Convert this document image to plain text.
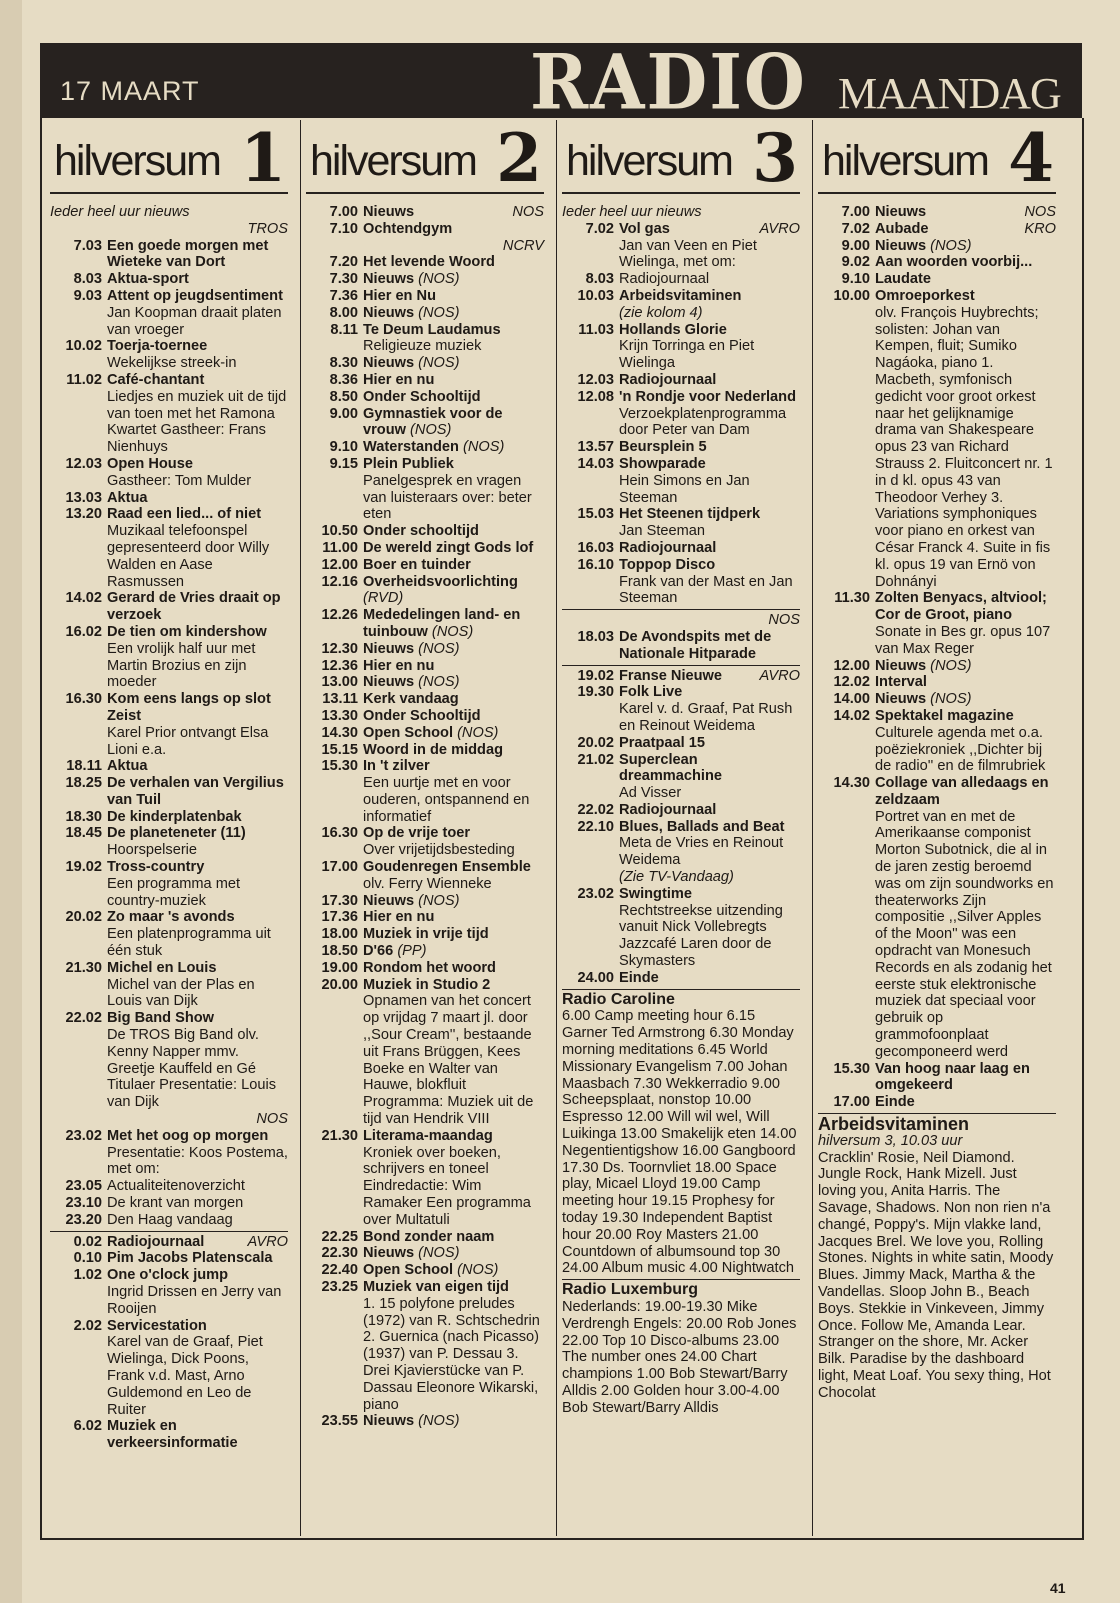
17 MAART	RADIO MAANDAG
hilversum 1
Ieder heel uur nieuws
TROS
7.03 Een goede morgen met Wieteke van Dort
8.03 Aktua-sport
9.03 Attent op jeugdsentiment
Jan Koopman draait platen van vroeger
10.02 Toerja-toernee
Wekelijkse streek-in
11.02 Café-chantant
Liedjes en muziek uit de tijd van toen met het Ramona Kwartet Gastheer: Frans Nienhuys
12.03 Open House
Gastheer: Tom Mulder
13.03 Aktua
13.20 Raad een lied... of niet
Muzikaal telefoonspel gepresenteerd door Willy Walden en Aase Rasmussen
14.02 Gerard de Vries draait op verzoek
16.02 De tien om kindershow
Een vrolijk half uur met Martin Brozius en zijn moeder
16.30 Kom eens langs op slot Zeist
Karel Prior ontvangt Elsa Lioni e.a.
18.11 Aktua
18.25 De verhalen van Vergilius van Tuil
18.30 De kinderplatenbak
18.45 De planeteneter (11)
Hoorspelserie
19.02 Tross-country
Een programma met country-muziek
20.02 Zo maar 's avonds
Een platenprogramma uit één stuk
21.30 Michel en Louis
Michel van der Plas en Louis van Dijk
22.02 Big Band Show
De TROS Big Band olv. Kenny Napper mmv. Greetje Kauffeld en Gé Titulaer Presentatie: Louis van Dijk
NOS
23.02 Met het oog op morgen
Presentatie: Koos Postema, met om:
23.05 Actualiteitenoverzicht
23.10 De krant van morgen
23.20 Den Haag vandaag
AVRO
0.02 Radiojournaal
0.10 Pim Jacobs Platenscala
1.02 One o'clock jump
Ingrid Drissen en Jerry van Rooijen
2.02 Servicestation
Karel van de Graaf, Piet Wielinga, Dick Poons, Frank v.d. Mast, Arno Guldemond en Leo de Ruiter
6.02 Muziek en verkeersinformatie
hilversum 2
7.00 Nieuws	NOS
7.10 Ochtendgym
NCRV
7.20 Het levende Woord
7.30 Nieuws (NOS)
7.36 Hier en Nu
8.00 Nieuws (NOS)
8.11 Te Deum Laudamus
Religieuze muziek
8.30 Nieuws (NOS)
8.36 Hier en nu
8.50 Onder Schooltijd
9.00 Gymnastiek voor de vrouw (NOS)
9.10 Waterstanden (NOS)
9.15 Plein Publiek
Panelgesprek en vragen van luisteraars over: beter eten
10.50 Onder schooltijd
11.00 De wereld zingt Gods lof
12.00 Boer en tuinder
12.16 Overheidsvoorlichting (RVD)
12.26 Mededelingen land- en tuinbouw (NOS)
12.30 Nieuws (NOS)
12.36 Hier en nu
13.00 Nieuws (NOS)
13.11 Kerk vandaag
13.30 Onder Schooltijd
14.30 Open School (NOS)
15.15 Woord in de middag
15.30 In 't zilver
Een uurtje met en voor ouderen, ontspannend en informatief
16.30 Op de vrije toer
Over vrijetijdsbesteding
17.00 Goudenregen Ensemble
olv. Ferry Wienneke
17.30 Nieuws (NOS)
17.36 Hier en nu
18.00 Muziek in vrije tijd
18.50 D'66 (PP)
19.00 Rondom het woord
20.00 Muziek in Studio 2
Opnamen van het concert op vrijdag 7 maart jl. door ,,Sour Cream'', bestaande uit Frans Brüggen, Kees Boeke en Walter van Hauwe, blokfluit Programma: Muziek uit de tijd van Hendrik VIII
21.30 Literama-maandag
Kroniek over boeken, schrijvers en toneel Eindredactie: Wim Ramaker Een programma over Multatuli
22.25 Bond zonder naam
22.30 Nieuws (NOS)
22.40 Open School (NOS)
23.25 Muziek van eigen tijd
1. 15 polyfone preludes (1972) van R. Schtschedrin 2. Guernica (nach Picasso) (1937) van P. Dessau 3. Drei Kjavierstücke van P. Dassau Eleonore Wikarski, piano
23.55 Nieuws (NOS)
hilversum 3
Ieder heel uur nieuws
7.02 Vol gas	AVRO
Jan van Veen en Piet Wielinga, met om:
8.03 Radiojournaal
10.03 Arbeidsvitaminen
(zie kolom 4)
11.03 Hollands Glorie
Krijn Torringa en Piet Wielinga
12.03 Radiojournaal
12.08 'n Rondje voor Nederland
Verzoekplatenprogramma door Peter van Dam
13.57 Beursplein 5
14.03 Showparade
Hein Simons en Jan Steeman
15.03 Het Steenen tijdperk
Jan Steeman
16.03 Radiojournaal
16.10 Toppop Disco
Frank van der Mast en Jan Steeman
NOS
18.03 De Avondspits met de Nationale Hitparade
19.02 Franse Nieuwe	AVRO
19.30 Folk Live
Karel v. d. Graaf, Pat Rush en Reinout Weidema
20.02 Praatpaal 15
21.02 Superclean dreammachine
Ad Visser
22.02 Radiojournaal
22.10 Blues, Ballads and Beat
Meta de Vries en Reinout Weidema
(Zie TV-Vandaag)
23.02 Swingtime
Rechtstreekse uitzending vanuit Nick Vollebregts Jazzcafé Laren door de Skymasters
24.00 Einde
Radio Caroline
6.00 Camp meeting hour 6.15 Garner Ted Armstrong 6.30 Monday morning meditations 6.45 World Missionary Evangelism 7.00 Johan Maasbach 7.30 Wekkerradio 9.00 Scheepsplaat, nonstop 10.00 Espresso 12.00 Will wil wel, Will Luikinga 13.00 Smakelijk eten 14.00 Negentientigshow 16.00 Gangboord 17.30 Ds. Toornvliet 18.00 Space play, Micael Lloyd 19.00 Camp meeting hour 19.15 Prophesy for today 19.30 Independent Baptist hour 20.00 Roy Masters 21.00 Countdown of albumsound top 30 24.00 Album music 4.00 Nightwatch
Radio Luxemburg
Nederlands: 19.00-19.30 Mike Verdrengh Engels: 20.00 Rob Jones 22.00 Top 10 Disco-albums 23.00 The number ones 24.00 Chart champions 1.00 Bob Stewart/Barry Alldis 2.00 Golden hour 3.00-4.00 Bob Stewart/Barry Alldis
hilversum 4
7.00 Nieuws	NOS
7.02 Aubade	KRO
9.00 Nieuws (NOS)
9.02 Aan woorden voorbij...
9.10 Laudate
10.00 Omroeporkest
olv. François Huybrechts; solisten: Johan van Kempen, fluit; Sumiko Nagáoka, piano 1. Macbeth, symfonisch gedicht voor groot orkest naar het gelijknamige drama van Shakespeare opus 23 van Richard Strauss 2. Fluitconcert nr. 1 in d kl. opus 43 van Theodoor Verhey 3. Variations symphoniques voor piano en orkest van César Franck 4. Suite in fis kl. opus 19 van Ernö von Dohnányi
11.30 Zolten Benyacs, altviool; Cor de Groot, piano
Sonate in Bes gr. opus 107 van Max Reger
12.00 Nieuws (NOS)
12.02 Interval
14.00 Nieuws (NOS)
14.02 Spektakel magazine
Culturele agenda met o.a. poëziekroniek ,,Dichter bij de radio'' en de filmrubriek
14.30 Collage van alledaags en zeldzaam
Portret van en met de Amerikaanse componist Morton Subotnick, die al in de jaren zestig beroemd was om zijn soundworks en theaterworks Zijn compositie ,,Silver Apples of the Moon'' was een opdracht van Monesuch Records en als zodanig het eerste stuk elektronische muziek dat speciaal voor gebruik op grammofoonplaat gecomponeerd werd
15.30 Van hoog naar laag en omgekeerd
17.00 Einde
Arbeidsvitaminen
hilversum 3, 10.03 uur
Cracklin' Rosie, Neil Diamond. Jungle Rock, Hank Mizell. Just loving you, Anita Harris. The Savage, Shadows. Non non rien n'a changé, Poppy's. Mijn vlakke land, Jacques Brel. We love you, Rolling Stones. Nights in white satin, Moody Blues. Jimmy Mack, Martha & the Vandellas. Sloop John B., Beach Boys. Stekkie in Vinkeveen, Jimmy Once. Follow Me, Amanda Lear. Stranger on the shore, Mr. Acker Bilk. Paradise by the dashboard light, Meat Loaf. You sexy thing, Hot Chocolat
41
